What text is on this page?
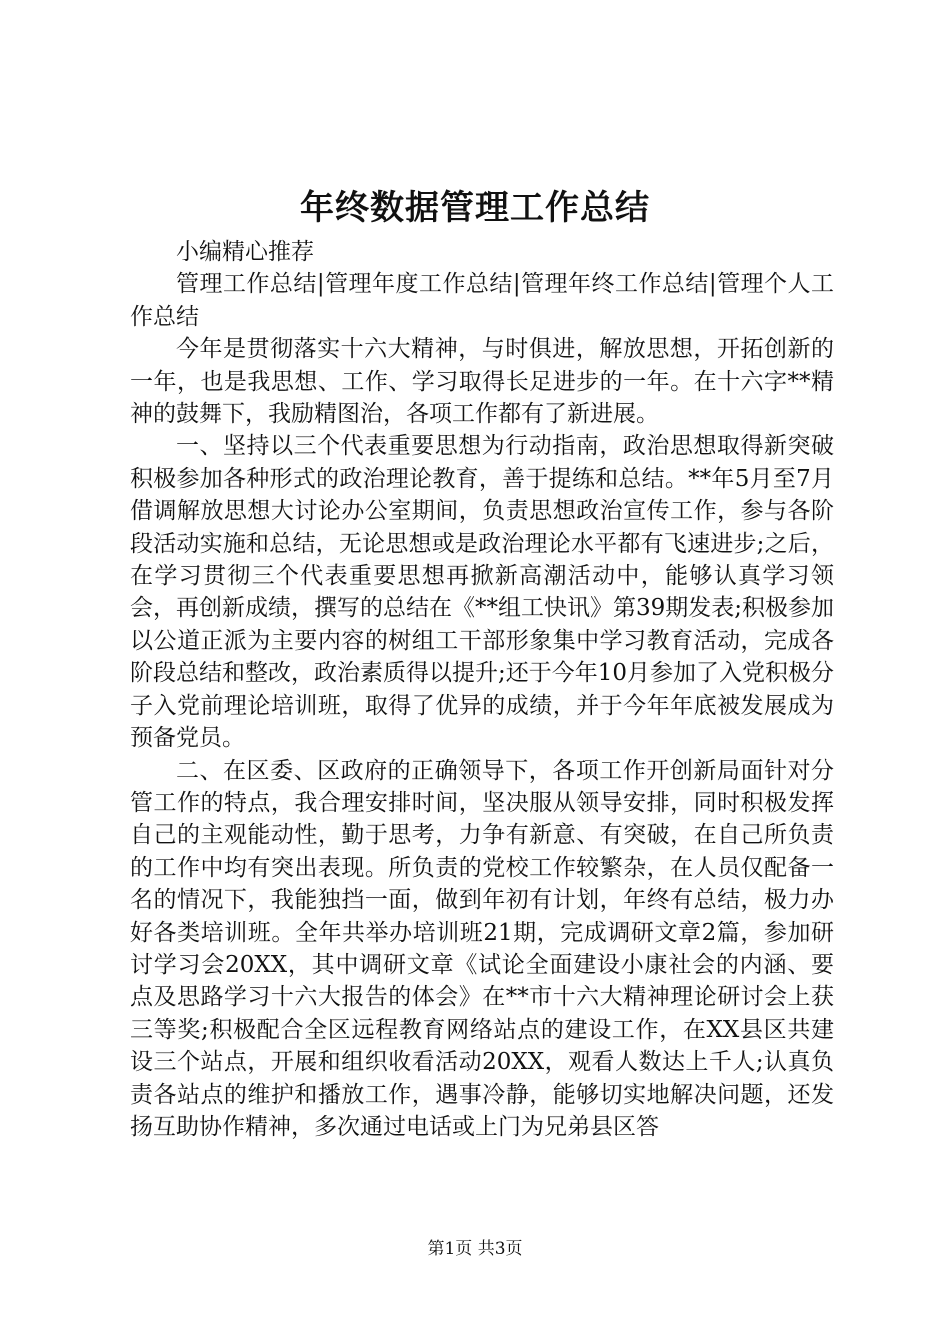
年终数据管理工作总结

小编精心推荐

管理工作总结|管理年度工作总结|管理年终工作总结|管理个人工作总结

今年是贯彻落实十六大精神，与时俱进，解放思想，开拓创新的一年，也是我思想、工作、学习取得长足进步的一年。在十六字**精神的鼓舞下，我励精图治，各项工作都有了新进展。

一、坚持以三个代表重要思想为行动指南，政治思想取得新突破积极参加各种形式的政治理论教育，善于提练和总结。**年5月至7月借调解放思想大讨论办公室期间，负责思想政治宣传工作，参与各阶段活动实施和总结，无论思想或是政治理论水平都有飞速进步;之后，在学习贯彻三个代表重要思想再掀新高潮活动中，能够认真学习领会，再创新成绩，撰写的总结在《**组工快讯》第39期发表;积极参加以公道正派为主要内容的树组工干部形象集中学习教育活动，完成各阶段总结和整改，政治素质得以提升;还于今年10月参加了入党积极分子入党前理论培训班，取得了优异的成绩，并于今年年底被发展成为预备党员。

二、在区委、区政府的正确领导下，各项工作开创新局面针对分管工作的特点，我合理安排时间，坚决服从领导安排，同时积极发挥自己的主观能动性，勤于思考，力争有新意、有突破，在自己所负责的工作中均有突出表现。所负责的党校工作较繁杂，在人员仅配备一名的情况下，我能独挡一面，做到年初有计划，年终有总结，极力办好各类培训班。全年共举办培训班21期，完成调研文章2篇，参加研讨学习会20XX，其中调研文章《试论全面建设小康社会的内涵、要点及思路学习十六大报告的体会》在**市十六大精神理论研讨会上获三等奖;积极配合全区远程教育网络站点的建设工作，在XX县区共建设三个站点，开展和组织收看活动20XX，观看人数达上千人;认真负责各站点的维护和播放工作，遇事冷静，能够切实地解决问题，还发扬互助协作精神，多次通过电话或上门为兄弟县区答

第1页 共3页
